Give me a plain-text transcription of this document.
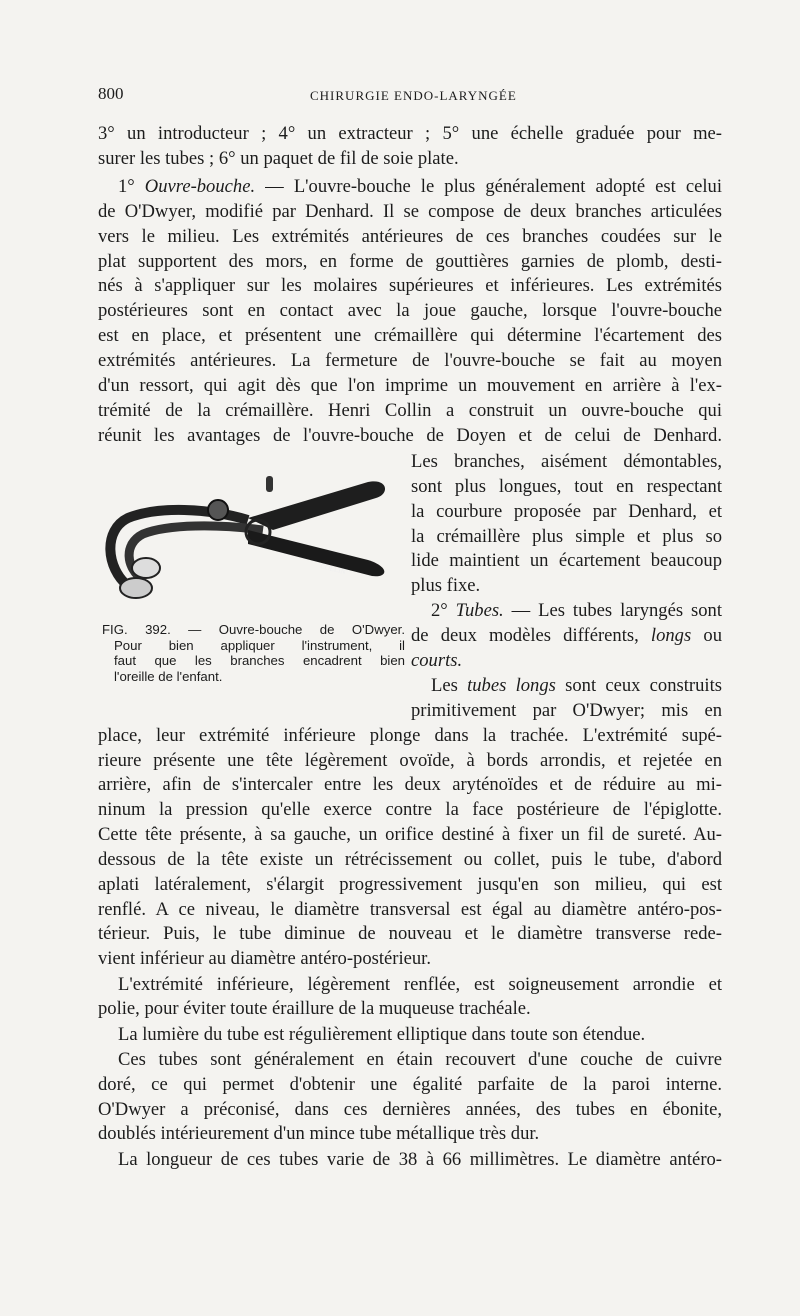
800	CHIRURGIE ENDO-LARYNGÉE
3° un introducteur ; 4° un extracteur ; 5° une échelle graduée pour me-
surer les tubes ; 6° un paquet de fil de soie plate.
1° Ouvre-bouche. — L'ouvre-bouche le plus généralement adopté est celui
de O'Dwyer, modifié par Denhard. Il se compose de deux branches articulées
vers le milieu. Les extrémités antérieures de ces branches coudées sur le
plat supportent des mors, en forme de gouttières garnies de plomb, desti-
nés à s'appliquer sur les molaires supérieures et inférieures. Les extrémités
postérieures sont en contact avec la joue gauche, lorsque l'ouvre-bouche
est en place, et présentent une crémaillère qui détermine l'écartement des
extrémités antérieures. La fermeture de l'ouvre-bouche se fait au moyen
d'un ressort, qui agit dès que l'on imprime un mouvement en arrière à l'ex-
trémité de la crémaillère. Henri Collin a construit un ouvre-bouche qui
réunit les avantages de l'ouvre-bouche de Doyen et de celui de Denhard.
Les branches, aisément démontables,
sont plus longues, tout en respectant
la courbure proposée par Denhard, et
la crémaillère plus simple et plus so
lide maintient un écartement beaucoup
plus fixe.
2° Tubes. — Les tubes laryngés sont
de deux modèles différents, longs ou
courts.
Les tubes longs sont ceux construits
primitivement par O'Dwyer; mis en
place, leur extrémité inférieure plonge dans la trachée. L'extrémité supé-
rieure présente une tête légèrement ovoïde, à bords arrondis, et rejetée en
arrière, afin de s'intercaler entre les deux aryténoïdes et de réduire au mi-
ninum la pression qu'elle exerce contre la face postérieure de l'épiglotte.
Cette tête présente, à sa gauche, un orifice destiné à fixer un fil de sureté. Au-
dessous de la tête existe un rétrécissement ou collet, puis le tube, d'abord
aplati latéralement, s'élargit progressivement jusqu'en son milieu, qui est
renflé. A ce niveau, le diamètre transversal est égal au diamètre antéro-pos-
térieur. Puis, le tube diminue de nouveau et le diamètre transverse rede-
vient inférieur au diamètre antéro-postérieur.
L'extrémité inférieure, légèrement renflée, est soigneusement arrondie et
polie, pour éviter toute éraillure de la muqueuse trachéale.
La lumière du tube est régulièrement elliptique dans toute son étendue.
Ces tubes sont généralement en étain recouvert d'une couche de cuivre
doré, ce qui permet d'obtenir une égalité parfaite de la paroi interne.
O'Dwyer a préconisé, dans ces dernières années, des tubes en ébonite,
doublés intérieurement d'un mince tube métallique très dur.
La longueur de ces tubes varie de 38 à 66 millimètres. Le diamètre antéro-
COLLIN
FIG. 392. — Ouvre-bouche de O'Dwyer.
Pour bien appliquer l'instrument, il
faut que les branches encadrent bien
l'oreille de l'enfant.
